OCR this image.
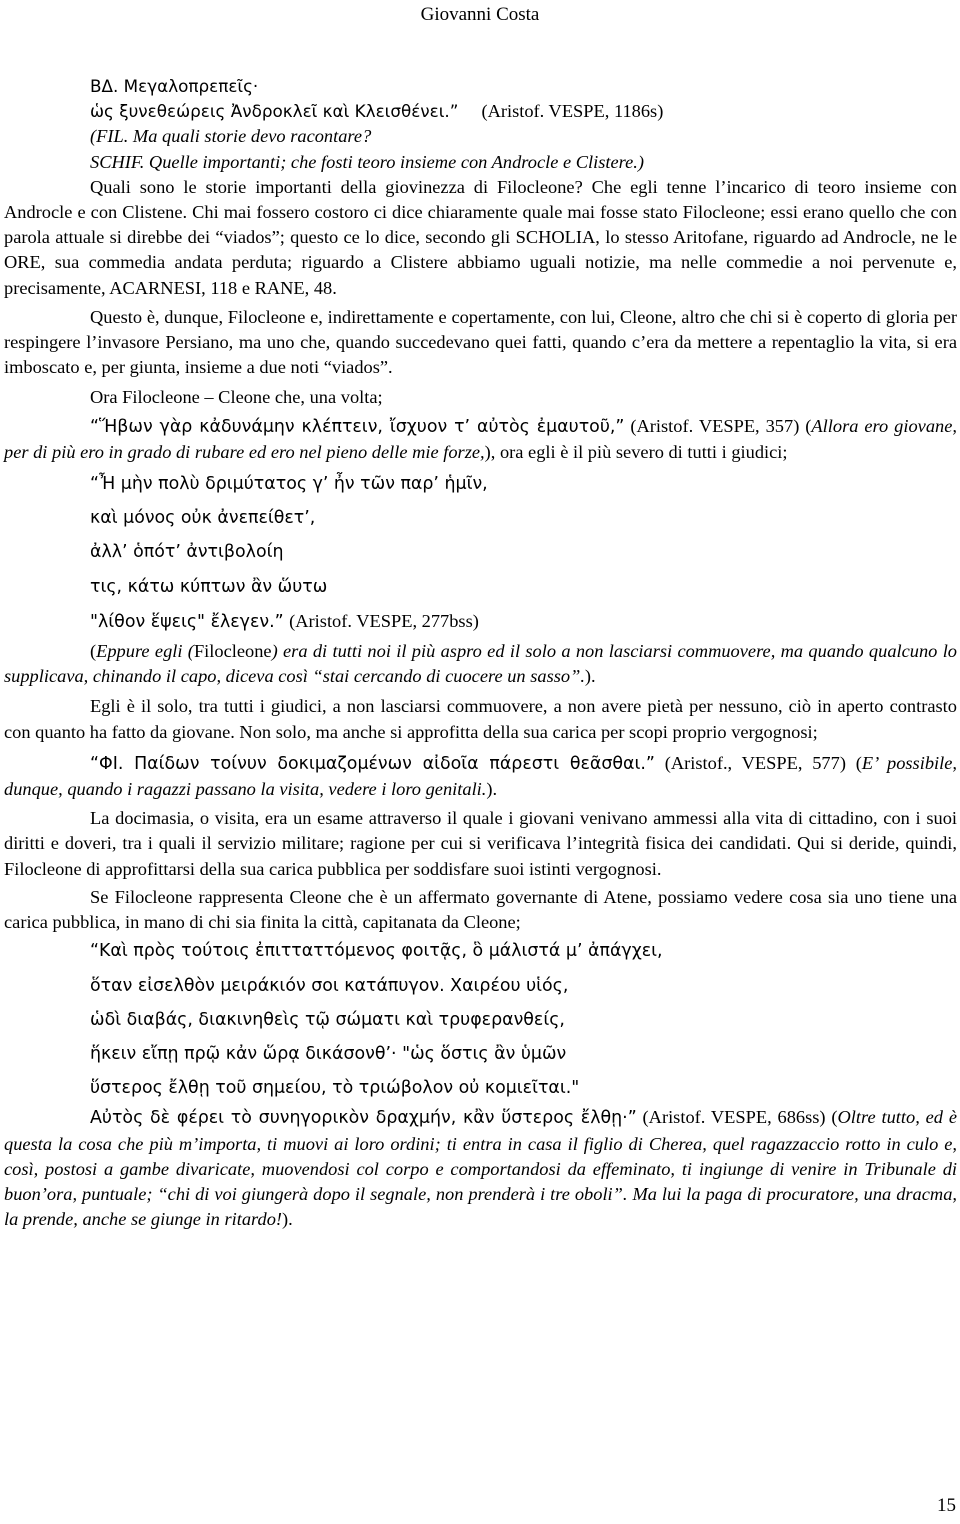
Giovanni Costa

BΔ. Μεγαλοπρεπεῖς·

ὡς ξυνεθεώρεις Ἀνδροκλεῖ καὶ Κλεισθένει.” (Aristof. VESPE, 1186s)

(FIL. Ma quali storie devo racontare?

SCHIF. Quelle importanti; che fosti teoro insieme con Androcle e Clistere.)

Quali sono le storie importanti della giovinezza di Filocleone? Che egli tenne l’incarico di teoro insieme con Androcle e con Clistene. Chi mai fossero costoro ci dice chiaramente quale mai fosse stato Filocleone; essi erano quello che con parola attuale si direbbe dei “viados”; questo ce lo dice, secondo gli SCHOLIA, lo stesso Aritofane, riguardo ad Androcle, ne le ORE, sua commedia andata perduta; riguardo a Clistere abbiamo uguali notizie, ma nelle commedie a noi pervenute e, precisamente, ACARNESI, 118 e RANE, 48.

Questo è, dunque, Filocleone e, indirettamente e copertamente, con lui, Cleone, altro che chi si è coperto di gloria per respingere l’invasore Persiano, ma uno che, quando succedevano quei fatti, quando c’era da mettere a repentaglio la vita, si era imboscato e, per giunta, insieme a due noti “viados”.

Ora Filocleone – Cleone che, una volta;

“Ἥβων γὰρ κἀδυνάμην κλέπτειν, ἴσχυον τ’ αὐτὸς ἐμαυτοῦ,” (Aristof. VESPE, 357) (Allora ero giovane, per di più ero in grado di rubare ed ero nel pieno delle mie forze,), ora egli è il più severo di tutti i giudici;

“Ἦ μὴν πολὺ δριμύτατος γ’ ἦν τῶν παρ’ ἡμῖν,

καὶ μόνος οὐκ ἀνεπείθετ’,

ἀλλ’ ὁπότ’ ἀντιβολοίη

τις, κάτω κύπτων ἂν ὥυτω

"λίθον ἕψεις" ἔλεγεν.” (Aristof. VESPE, 277bss)

(Eppure egli (Filocleone) era di tutti noi il più aspro ed il solo a non lasciarsi commuovere, ma quando qualcuno lo supplicava, chinando il capo, diceva così “stai cercando di cuocere un sasso”.).

Egli è il solo, tra tutti i giudici, a non lasciarsi commuovere, a non avere pietà per nessuno, ciò in aperto contrasto con quanto ha fatto da giovane. Non solo, ma anche si approfitta della sua carica per scopi proprio vergognosi;

“ΦΙ. Παίδων τοίνυν δοκιμαζομένων αἰδοῖα πάρεστι θεᾶσθαι.” (Aristof., VESPE, 577) (E’ possibile, dunque, quando i ragazzi passano la visita, vedere i loro genitali.).

La docimasia, o visita, era un esame attraverso il quale i giovani venivano ammessi alla vita di cittadino, con i suoi diritti e doveri, tra i quali il servizio militare; ragione per cui si verificava l’integrità fisica dei candidati. Qui si deride, quindi, Filocleone di approfittarsi della sua carica pubblica per soddisfare suoi istinti vergognosi.

Se Filocleone rappresenta Cleone che è un affermato governante di Atene, possiamo vedere cosa sia uno tiene una carica pubblica, in mano di chi sia finita la città, capitanata da Cleone;

“Καὶ πρὸς τούτοις ἐπιτταττόμενος φοιτᾷς, ὃ μάλιστά μ’ ἀπάγχει,

ὅταν εἰσελθὸν μειράκιόν σοι κατάπυγον. Χαιρέου υἱός,

ὡδὶ διαβάς, διακινηθεὶς τῷ σώματι καὶ τρυφερανθείς,

ἥκειν εἴπῃ πρῷ κἀν ὥρᾳ δικάσονθ’· "ὡς ὅστις ἂν ὑμῶν

ὕστερος ἔλθῃ τοῦ σημείου, τὸ τριώβολον οὐ κομιεῖται."

Αὐτὸς δὲ φέρει τὸ συνηγορικὸν δραχμήν, κἂν ὕστερος ἔλθῃ·” (Aristof. VESPE, 686ss) (Oltre tutto, ed è questa la cosa che più m’importa, ti muovi ai loro ordini; ti entra in casa il figlio di Cherea, quel ragazzaccio rotto in culo e, così, postosi a gambe divaricate, muovendosi col corpo e comportandosi da effeminato, ti ingiunge di venire in Tribunale di buon’ora, puntuale; “chi di voi giungerà dopo il segnale, non prenderà i tre oboli”. Ma lui la paga di procuratore, una dracma, la prende, anche se giunge in ritardo!).

15
